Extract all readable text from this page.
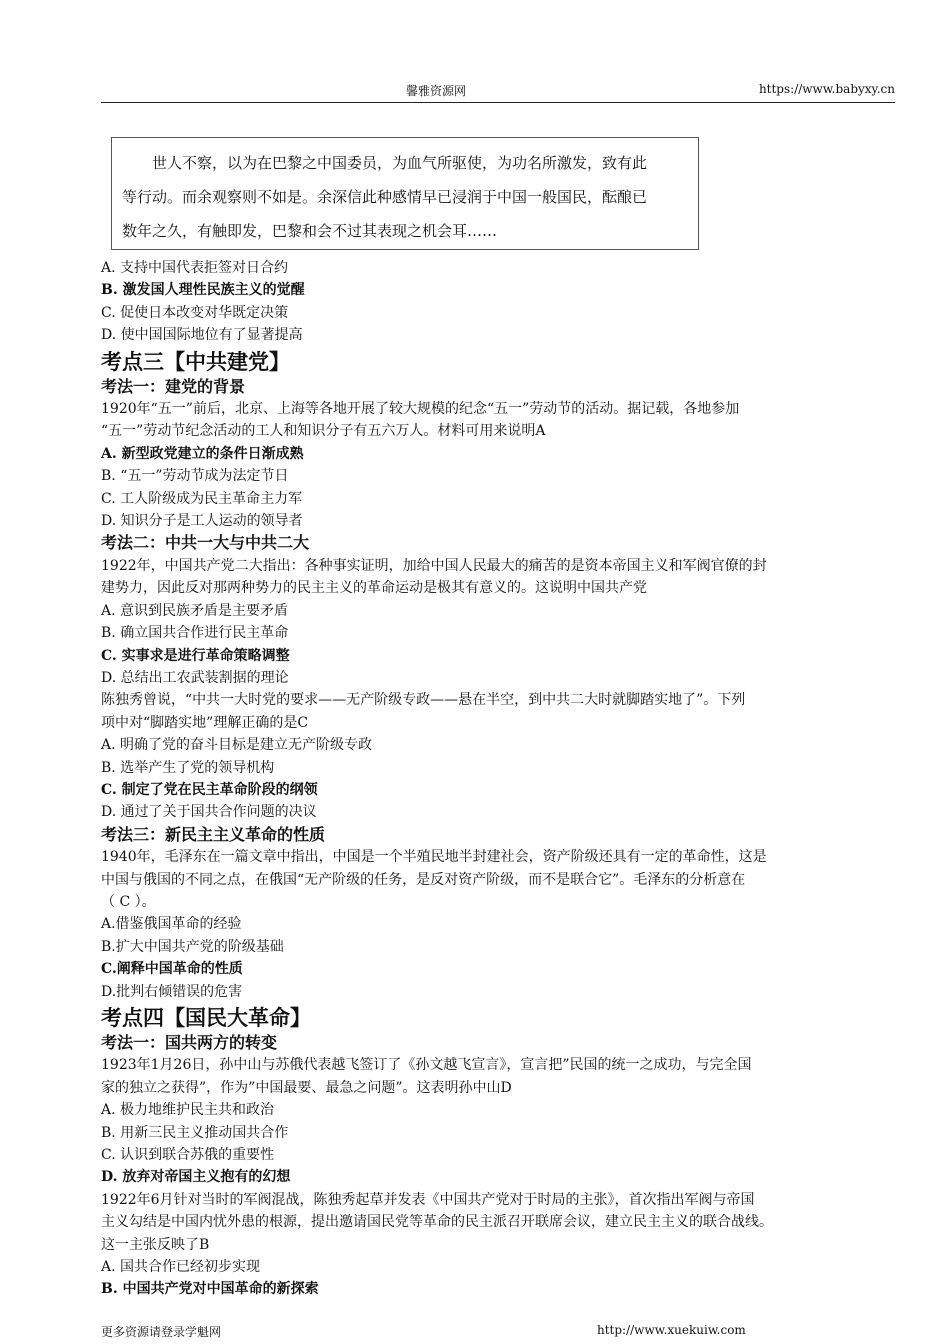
馨雅资源网	https://www.babyxy.cn

世人不察，以为在巴黎之中国委员，为血气所驱使，为功名所激发，致有此

等行动。而余观察则不如是。余深信此种感情早已浸润于中国一般国民，酝酿已
数年之久，有触即发，巴黎和会不过其表现之机会耳……
A. 支持中国代表拒签对日合约
B. 激发国人理性民族主义的觉醒
C. 促使日本改变对华既定决策
D. 使中国国际地位有了显著提高
考点三【中共建党】
考法一：建党的背景
1920年“五一”前后，北京、上海等各地开展了较大规模的纪念“五一”劳动节的活动。据记载，各地参加
“五一”劳动节纪念活动的工人和知识分子有五六万人。材料可用来说明A
A. 新型政党建立的条件日渐成熟
B. “五一”劳动节成为法定节日
C. 工人阶级成为民主革命主力军
D. 知识分子是工人运动的领导者
考法二：中共一大与中共二大
1922年，中国共产党二大指出：各种事实证明，加给中国人民最大的痛苦的是资本帝国主义和军阀官僚的封
建势力，因此反对那两种势力的民主主义的革命运动是极其有意义的。这说明中国共产党
A. 意识到民族矛盾是主要矛盾
B. 确立国共合作进行民主革命
C. 实事求是进行革命策略调整
D. 总结出工农武装割据的理论
陈独秀曾说，“中共一大时党的要求——无产阶级专政——悬在半空，到中共二大时就脚踏实地了”。下列
项中对“脚踏实地”理解正确的是C
A. 明确了党的奋斗目标是建立无产阶级专政
B. 选举产生了党的领导机构
C. 制定了党在民主革命阶段的纲领
D. 通过了关于国共合作问题的决议
考法三：新民主主义革命的性质
1940年，毛泽东在一篇文章中指出，中国是一个半殖民地半封建社会，资产阶级还具有一定的革命性，这是
中国与俄国的不同之点，在俄国“无产阶级的任务，是反对资产阶级，而不是联合它”。毛泽东的分析意在
（ C ）。
A.借鉴俄国革命的经验
B.扩大中国共产党的阶级基础
C.阐释中国革命的性质
D.批判右倾错误的危害
考点四【国民大革命】
考法一：国共两方的转变
1923年1月26日，孙中山与苏俄代表越飞签订了《孙文越飞宣言》，宣言把”民国的统一之成功，与完全国
家的独立之获得”，作为”中国最要、最急之问题”。这表明孙中山D
A. 极力地维护民主共和政治
B. 用新三民主义推动国共合作
C. 认识到联合苏俄的重要性
D. 放弃对帝国主义抱有的幻想
1922年6月针对当时的军阀混战，陈独秀起草并发表《中国共产党对于时局的主张》，首次指出军阀与帝国
主义勾结是中国内忧外患的根源，提出邀请国民党等革命的民主派召开联席会议，建立民主主义的联合战线。
这一主张反映了B
A. 国共合作已经初步实现
B. 中国共产党对中国革命的新探索
更多资源请登录学魁网	http://www.xuekuiw.com
